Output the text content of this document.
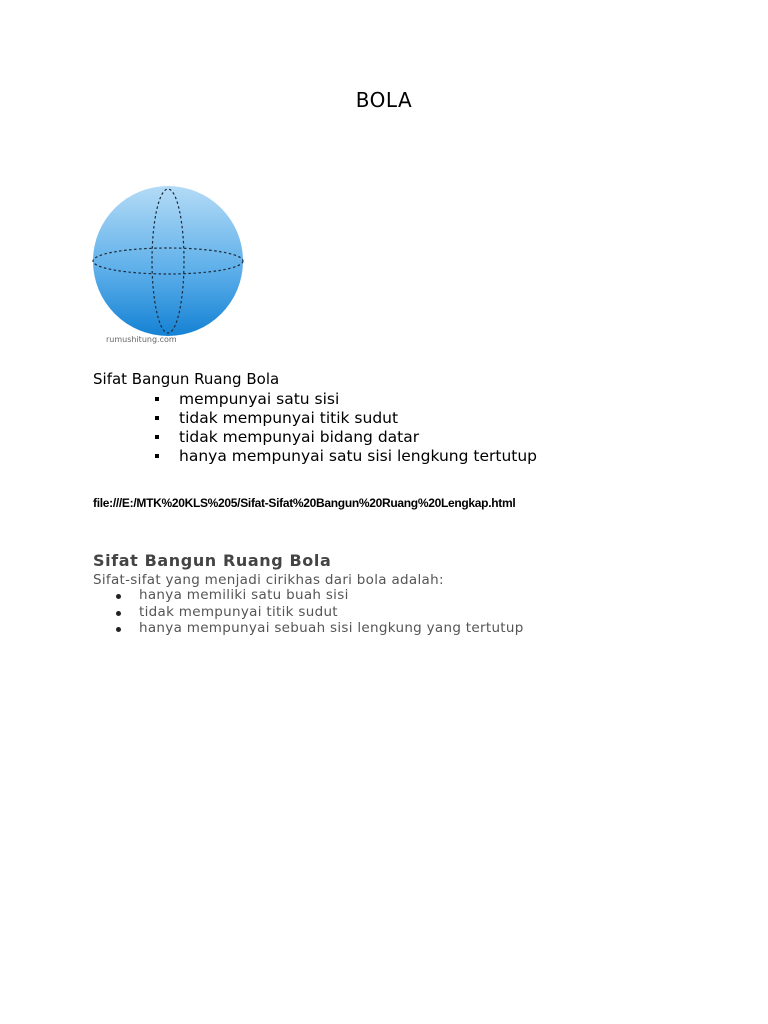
BOLA
rumushitung.com
Sifat Bangun Ruang Bola
mempunyai satu sisi
tidak mempunyai titik sudut
tidak mempunyai bidang datar
hanya mempunyai satu sisi lengkung tertutup
file:///E:/MTK%20KLS%205/Sifat-Sifat%20Bangun%20Ruang%20Lengkap.html
Sifat Bangun Ruang Bola
Sifat-sifat yang menjadi cirikhas dari bola adalah:
hanya memiliki satu buah sisi
tidak mempunyai titik sudut
hanya mempunyai sebuah sisi lengkung yang tertutup
